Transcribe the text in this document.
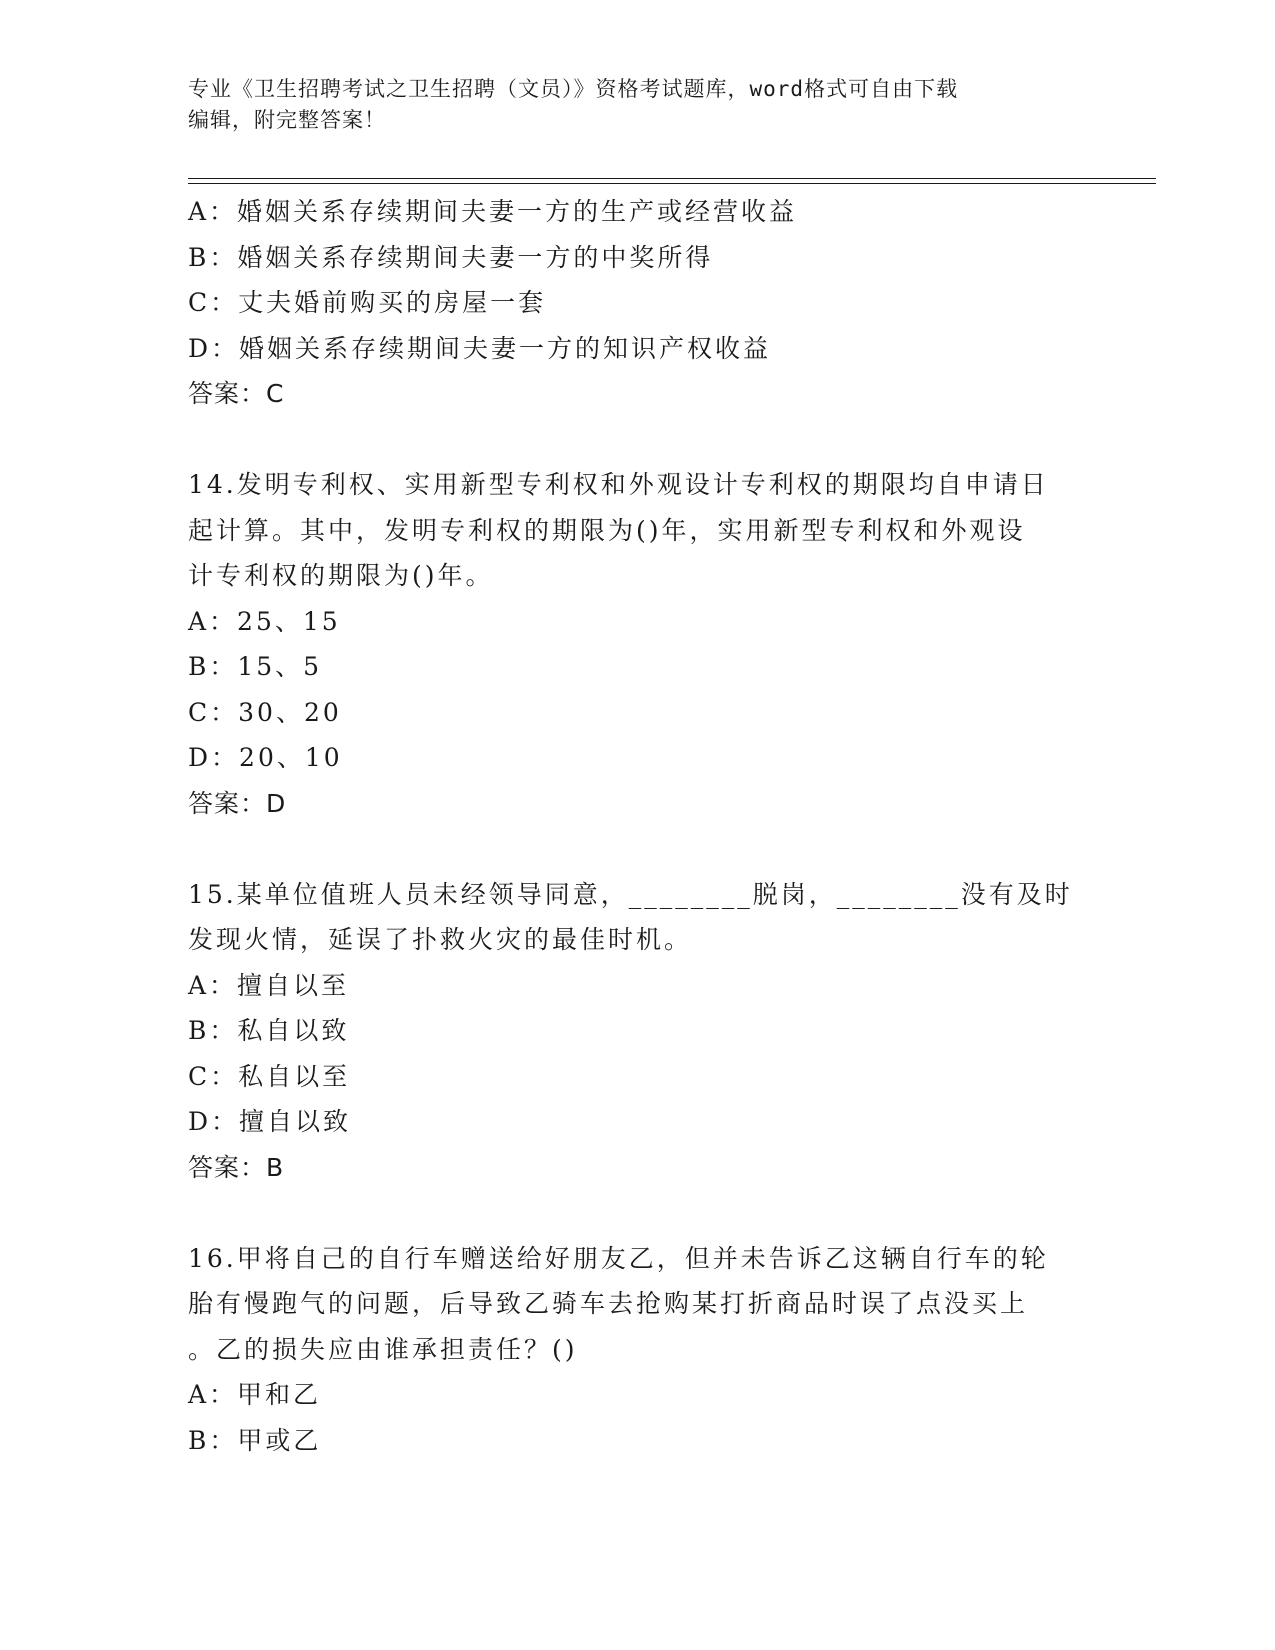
专业《卫生招聘考试之卫生招聘（文员）》资格考试题库，word格式可自由下载
编辑，附完整答案！
A：婚姻关系存续期间夫妻一方的生产或经营收益
B：婚姻关系存续期间夫妻一方的中奖所得
C：丈夫婚前购买的房屋一套
D：婚姻关系存续期间夫妻一方的知识产权收益
答案：C
14.发明专利权、实用新型专利权和外观设计专利权的期限均自申请日
起计算。其中，发明专利权的期限为()年，实用新型专利权和外观设
计专利权的期限为()年。
A：25、15
B：15、5
C：30、20
D：20、10
答案：D
15.某单位值班人员未经领导同意，________脱岗，________没有及时
发现火情，延误了扑救火灾的最佳时机。
A：擅自以至
B：私自以致
C：私自以至
D：擅自以致
答案：B
16.甲将自己的自行车赠送给好朋友乙，但并未告诉乙这辆自行车的轮
胎有慢跑气的问题，后导致乙骑车去抢购某打折商品时误了点没买上
。乙的损失应由谁承担责任？()
A：甲和乙
B：甲或乙
